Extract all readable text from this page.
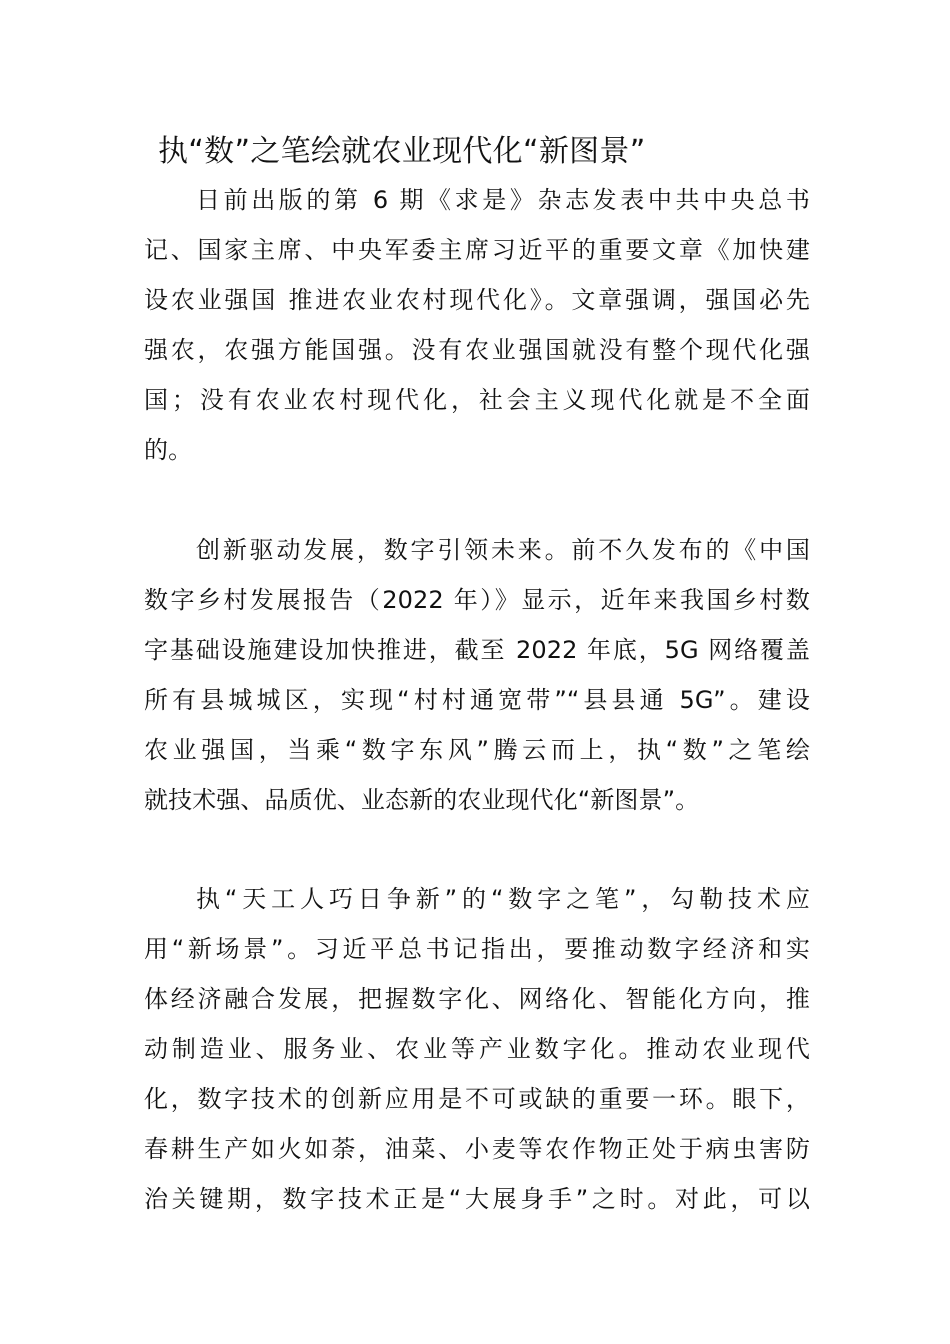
执“数”之笔绘就农业现代化“新图景”
日前出版的第 6 期《求是》杂志发表中共中央总书
记、国家主席、中央军委主席习近平的重要文章《加快建
设农业强国 推进农业农村现代化》。文章强调，强国必先
强农，农强方能国强。没有农业强国就没有整个现代化强
国；没有农业农村现代化，社会主义现代化就是不全面
的。
创新驱动发展，数字引领未来。前不久发布的《中国
数字乡村发展报告（2022 年）》显示，近年来我国乡村数
字基础设施建设加快推进，截至 2022 年底，5G 网络覆盖
所有县城城区，实现“村村通宽带”“县县通 5G”。建设
农业强国，当乘“数字东风”腾云而上，执“数”之笔绘
就技术强、品质优、业态新的农业现代化“新图景”。
执“天工人巧日争新”的“数字之笔”，勾勒技术应
用“新场景”。习近平总书记指出，要推动数字经济和实
体经济融合发展，把握数字化、网络化、智能化方向，推
动制造业、服务业、农业等产业数字化。推动农业现代
化，数字技术的创新应用是不可或缺的重要一环。眼下，
春耕生产如火如荼，油菜、小麦等农作物正处于病虫害防
治关键期，数字技术正是“大展身手”之时。对此，可以
